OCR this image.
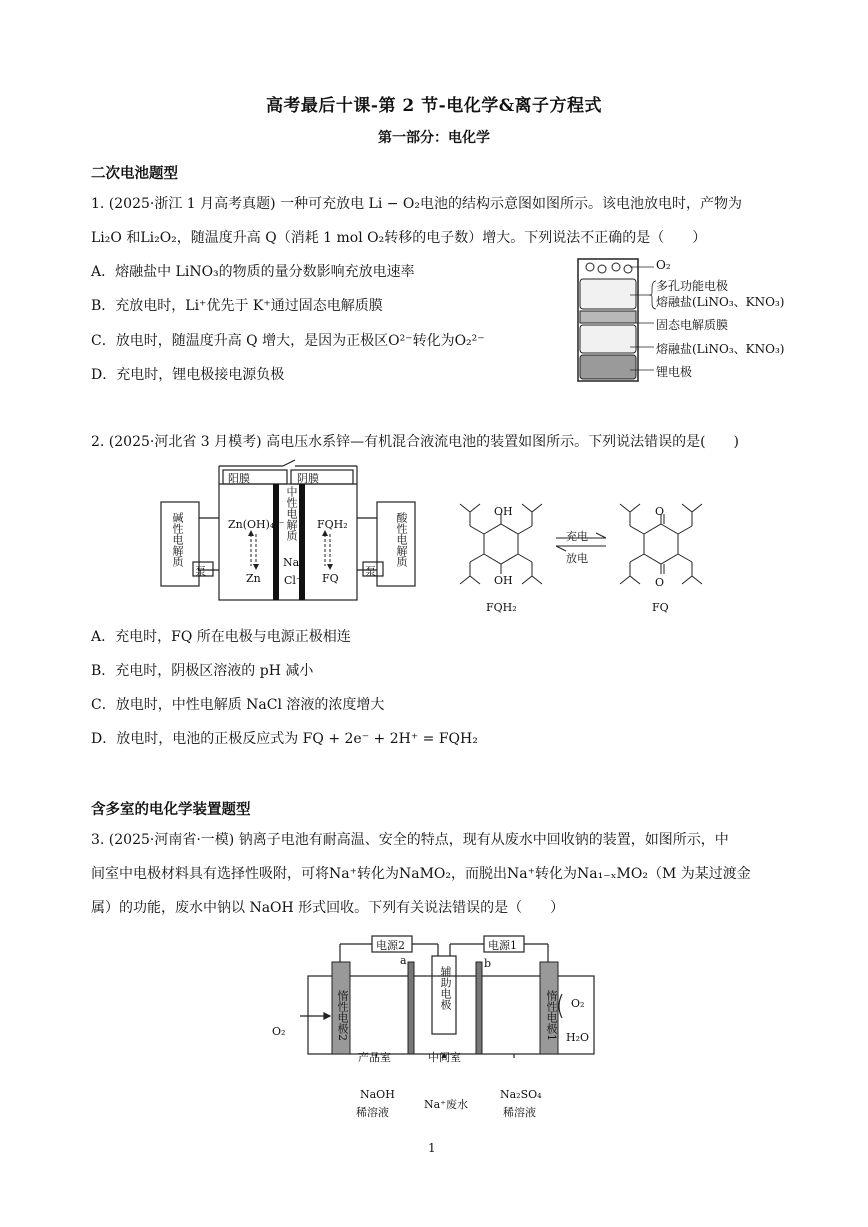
高考最后十课-第 2 节-电化学&离子方程式
第一部分：电化学
二次电池题型
1. (2025·浙江 1 月高考真题) 一种可充放电 Li − O₂电池的结构示意图如图所示。该电池放电时，产物为
Li₂O 和Li₂O₂，随温度升高 Q（消耗 1 mol O₂转移的电子数）增大。下列说法不正确的是（　　）
A．熔融盐中 LiNO₃的物质的量分数影响充放电速率
B．充放电时，Li⁺优先于 K⁺通过固态电解质膜
C．放电时，随温度升高 Q 增大，是因为正极区O²⁻转化为O₂²⁻
D．充电时，锂电极接电源负极
O₂
多孔功能电极
熔融盐(LiNO₃、KNO₃)
固态电解质膜
熔融盐(LiNO₃、KNO₃)
锂电极
2. (2025·河北省 3 月模考) 高电压水系锌—有机混合液流电池的装置如图所示。下列说法错误的是(　　)
阳膜	阴膜
碱性电解质	酸性电解质
中性电解质
Zn(OH)₄²⁻
Zn
FQH₂
FQ
Na⁺
Cl⁻
泵	泵
OH
OH
O
O
充电
放电
FQH₂	FQ
A．充电时，FQ 所在电极与电源正极相连
B．充电时，阴极区溶液的 pH 减小
C．放电时，中性电解质 NaCl 溶液的浓度增大
D．放电时，电池的正极反应式为 FQ + 2e⁻ + 2H⁺ = FQH₂
含多室的电化学装置题型
3. (2025·河南省·一模) 钠离子电池有耐高温、安全的特点，现有从废水中回收钠的装置，如图所示，中
间室中电极材料具有选择性吸附，可将Na⁺转化为NaMO₂，而脱出Na⁺转化为Na₁₋ₓMO₂（M 为某过渡金
属）的功能，废水中钠以 NaOH 形式回收。下列有关说法错误的是（　　）
电源2	电源1
a	b
惰性电极2	惰性电极1
辅助电极
O₂
产品室	中间室
O₂
H₂O
NaOH
稀溶液
Na⁺废水
Na₂SO₄
稀溶液
1
